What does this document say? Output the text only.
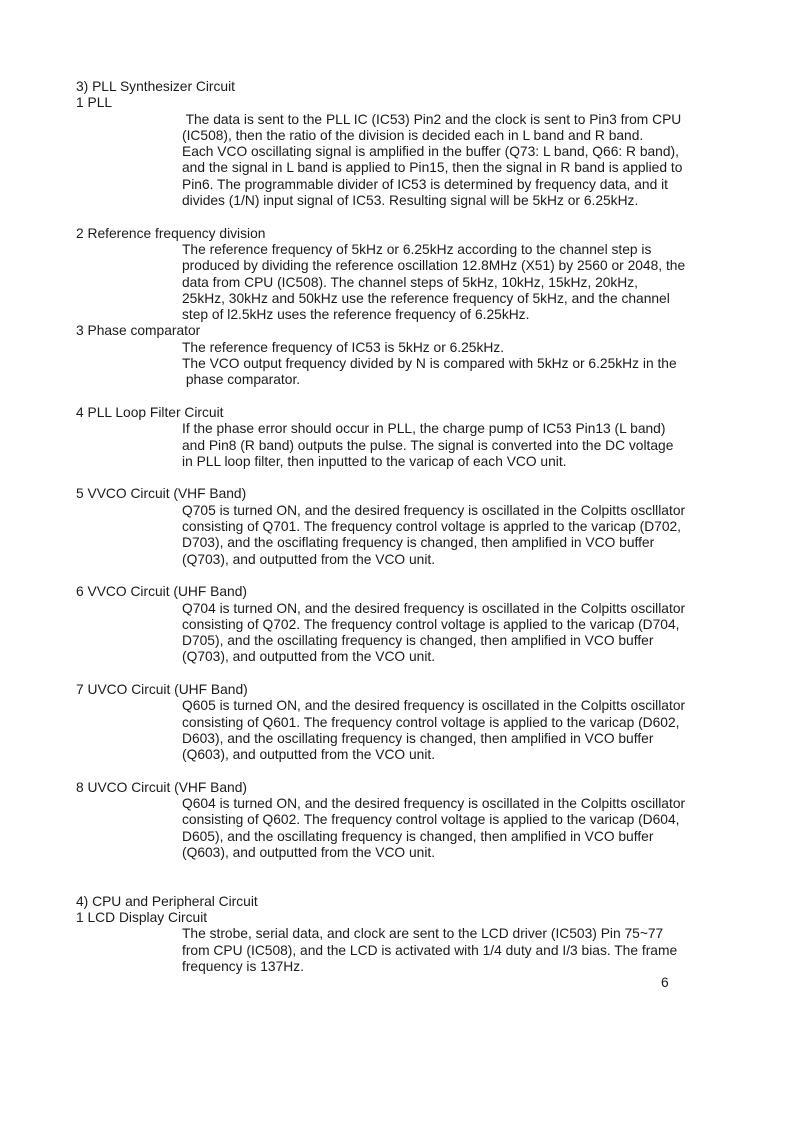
3) PLL Synthesizer Circuit
1 PLL
The data is sent to the PLL IC (IC53) Pin2 and the clock is sent to Pin3 from CPU
(IC508), then the ratio of the division is decided each in L band and R band.
Each VCO oscillating signal is amplified in the buffer (Q73: L band, Q66: R band),
and the signal in L band is applied to Pin15, then the signal in R band is applied to
Pin6. The programmable divider of IC53 is determined by frequency data, and it
divides (1/N) input signal of IC53. Resulting signal will be 5kHz or 6.25kHz.
2 Reference frequency division
The reference frequency of 5kHz or 6.25kHz according to the channel step is
produced by dividing the reference oscillation 12.8MHz (X51) by 2560 or 2048, the
data from CPU (IC508). The channel steps of 5kHz, 10kHz, 15kHz, 20kHz,
25kHz, 30kHz and 50kHz use the reference frequency of 5kHz, and the channel
step of l2.5kHz uses the reference frequency of 6.25kHz.
3 Phase comparator
The reference frequency of IC53 is 5kHz or 6.25kHz.
The VCO output frequency divided by N is compared with 5kHz or 6.25kHz in the
phase comparator.
4 PLL Loop Filter Circuit
If the phase error should occur in PLL, the charge pump of IC53 Pin13 (L band)
and Pin8 (R band) outputs the pulse. The signal is converted into the DC voltage
in PLL loop filter, then inputted to the varicap of each VCO unit.
5 VVCO Circuit (VHF Band)
Q705 is turned ON, and the desired frequency is oscillated in the Colpitts osclllator
consisting of Q701. The frequency control voltage is apprled to the varicap (D702,
D703), and the osciflating frequency is changed, then amplified in VCO buffer
(Q703), and outputted from the VCO unit.
6 VVCO Circuit (UHF Band)
Q704 is turned ON, and the desired frequency is oscillated in the Colpitts oscillator
consisting of Q702. The frequency control voltage is applied to the varicap (D704,
D705), and the oscillating frequency is changed, then amplified in VCO buffer
(Q703), and outputted from the VCO unit.
7 UVCO Circuit (UHF Band)
Q605 is turned ON, and the desired frequency is oscillated in the Colpitts oscillator
consisting of Q601. The frequency control voltage is applied to the varicap (D602,
D603), and the oscillating frequency is changed, then amplified in VCO buffer
(Q603), and outputted from the VCO unit.
8 UVCO Circuit (VHF Band)
Q604 is turned ON, and the desired frequency is oscillated in the Colpitts oscillator
consisting of Q602. The frequency control voltage is applied to the varicap (D604,
D605), and the oscillating frequency is changed, then amplified in VCO buffer
(Q603), and outputted from the VCO unit.
4) CPU and Peripheral Circuit
1 LCD Display Circuit
The strobe, serial data, and clock are sent to the LCD driver (IC503) Pin 75~77
from CPU (IC508), and the LCD is activated with 1/4 duty and I/3 bias. The frame
frequency is 137Hz.
6
